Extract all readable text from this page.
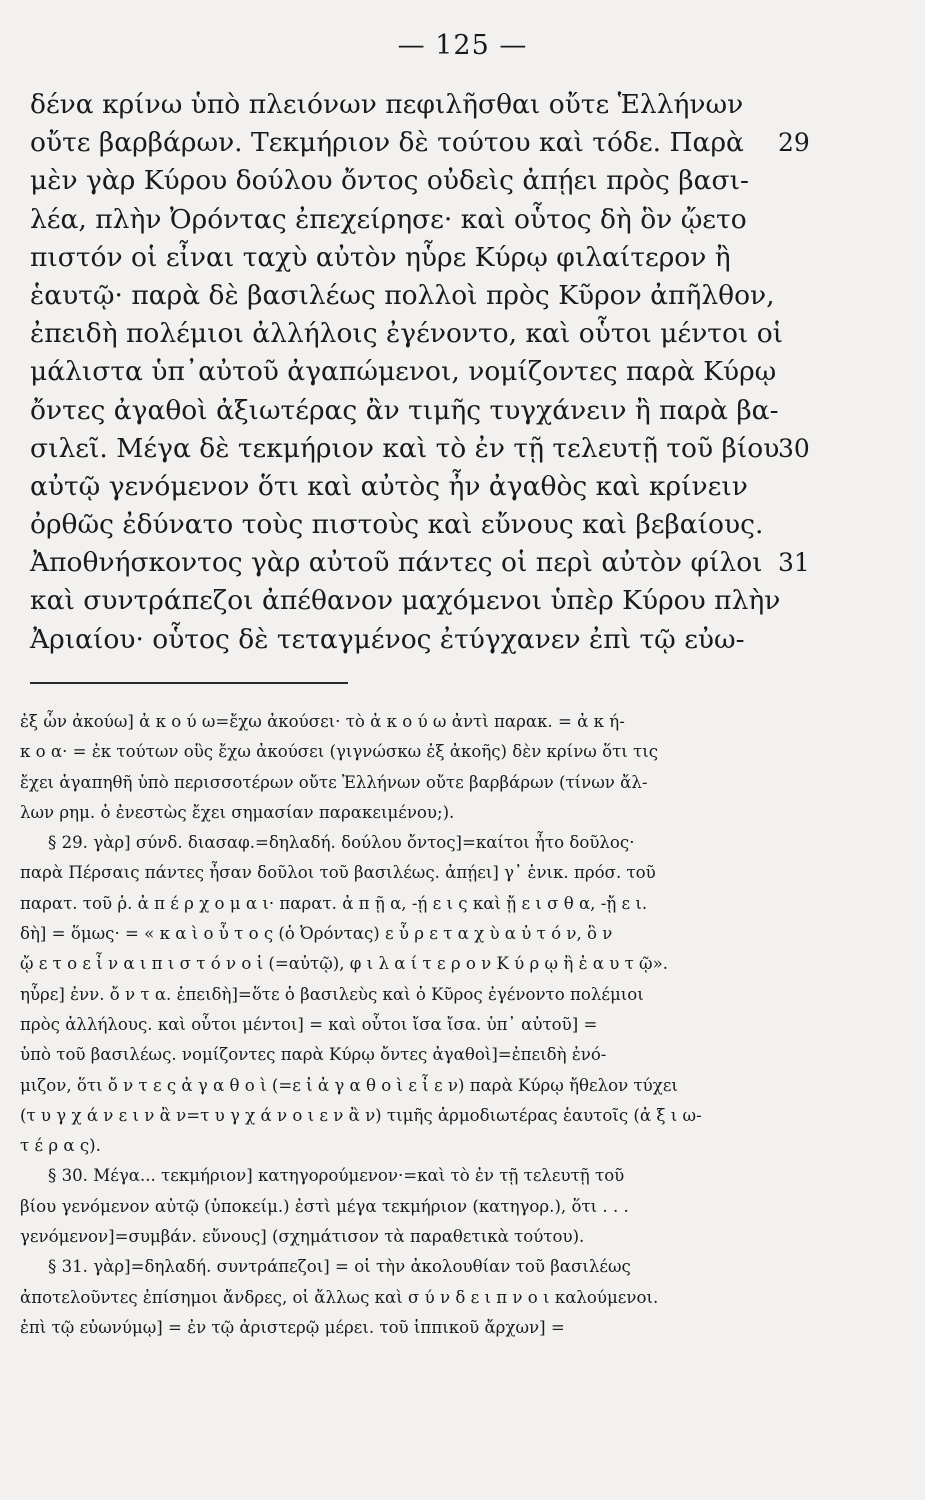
— 125 —
δένα κρίνω ὑπὸ πλειόνων πεφιλῆσθαι οὔτε Ἑλλήνων
οὔτε βαρβάρων. Τεκμήριον δὲ τούτου καὶ τόδε. Παρὰ 29
μὲν γὰρ Κύρου δούλου ὄντος οὐδεὶς ἀπῄει πρὸς βασι-
λέα, πλὴν Ὀρόντας ἐπεχείρησε· καὶ οὗτος δὴ ὃν ᾤετο
πιστόν οἱ εἶναι ταχὺ αὐτὸν ηὗρε Κύρῳ φιλαίτερον ἢ
ἑαυτῷ· παρὰ δὲ βασιλέως πολλοὶ πρὸς Κῦρον ἀπῆλθον,
ἐπειδὴ πολέμιοι ἀλλήλοις ἐγένοντο, καὶ οὗτοι μέντοι οἱ
μάλιστα ὑπ᾽αὐτοῦ ἀγαπώμενοι, νομίζοντες παρὰ Κύρῳ
ὄντες ἀγαθοὶ ἀξιωτέρας ἂν τιμῆς τυγχάνειν ἢ παρὰ βα-
σιλεῖ. Μέγα δὲ τεκμήριον καὶ τὸ ἐν τῇ τελευτῇ τοῦ βίου
30
αὐτῷ γενόμενον ὅτι καὶ αὐτὸς ἦν ἀγαθὸς καὶ κρίνειν
ὀρθῶς ἐδύνατο τοὺς πιστοὺς καὶ εὔνους καὶ βεβαίους.
Ἀποθνήσκοντος γὰρ αὐτοῦ πάντες οἱ περὶ αὐτὸν φίλοι 31
καὶ συντράπεζοι ἀπέθανον μαχόμενοι ὑπὲρ Κύρου πλὴν
Ἀριαίου· οὗτος δὲ τεταγμένος ἐτύγχανεν ἐπὶ τῷ εὐω-
ἐξ ὧν ἀκούω] ἀ κ ο ύ ω=ἔχω ἀκούσει· τὸ ἀ κ ο ύ ω ἀντὶ παρακ. = ἀ κ ή-
κ ο α· = ἐκ τούτων οὓς ἔχω ἀκούσει (γιγνώσκω ἐξ ἀκοῆς) δὲν κρίνω ὅτι τις
ἔχει ἀγαπηθῆ ὑπὸ περισσοτέρων οὔτε Ἑλλήνων οὔτε βαρβάρων (τίνων ἄλ-
λων ρημ. ὁ ἐνεστὼς ἔχει σημασίαν παρακειμένου;).
§ 29. γὰρ] σύνδ. διασαφ.=δηλαδή. δούλου ὄντος]=καίτοι ἦτο δοῦλος·
παρὰ Πέρσαις πάντες ἦσαν δοῦλοι τοῦ βασιλέως. ἀπῄει] γ᾽ ἑνικ. πρόσ. τοῦ
παρατ. τοῦ ῥ. ἀ π έ ρ χ ο μ α ι· παρατ. ἀ π ῇ α, -ῄ ε ι ς καὶ ᾔ ε ι σ θ α, -ᾔ ε ι.
δὴ] = ὅμως· = « κ α ὶ ο ὗ τ ο ς (ὁ Ὀρόντας) ε ὗ ρ ε τ α χ ὺ α ὐ τ ό ν, ὃ ν
ᾤ ε τ ο ε ἶ ν α ι π ι σ τ ό ν ο ἱ (=αὐτῷ), φ ι λ α ί τ ε ρ ο ν Κ ύ ρ ῳ ἢ ἑ α υ τ ῷ».
ηὗρε] ἐνν. ὄ ν τ α. ἐπειδὴ]=ὅτε ὁ βασιλεὺς καὶ ὁ Κῦρος ἐγένοντο πολέμιοι
πρὸς ἀλλήλους. καὶ οὗτοι μέντοι] = καὶ οὗτοι ἴσα ἴσα. ὑπ᾽ αὐτοῦ] =
ὑπὸ τοῦ βασιλέως. νομίζοντες παρὰ Κύρῳ ὄντες ἀγαθοὶ]=ἐπειδὴ ἐνό-
μιζον, ὅτι ὄ ν τ ε ς ἀ γ α θ ο ὶ (=ε ἰ ἀ γ α θ ο ὶ ε ἶ ε ν) παρὰ Κύρῳ ἤθελον τύχει
(τ υ γ χ ά ν ε ι ν ἂ ν=τ υ γ χ ά ν ο ι ε ν ἂ ν) τιμῆς ἁρμοδιωτέρας ἑαυτοῖς (ἀ ξ ι ω-
τ έ ρ α ς).
§ 30. Μέγα... τεκμήριον] κατηγορούμενον·=καὶ τὸ ἐν τῇ τελευτῇ τοῦ
βίου γενόμενον αὐτῷ (ὑποκείμ.) ἐστὶ μέγα τεκμήριον (κατηγορ.), ὅτι . . .
γενόμενον]=συμβάν. εὔνους] (σχημάτισον τὰ παραθετικὰ τούτου).
§ 31. γὰρ]=δηλαδή. συντράπεζοι] = οἱ τὴν ἀκολουθίαν τοῦ βασιλέως
ἀποτελοῦντες ἐπίσημοι ἄνδρες, οἱ ἄλλως καὶ σ ύ ν δ ε ι π ν ο ι καλούμενοι.
ἐπὶ τῷ εὐωνύμῳ] = ἐν τῷ ἀριστερῷ μέρει. τοῦ ἱππικοῦ ἄρχων] =
